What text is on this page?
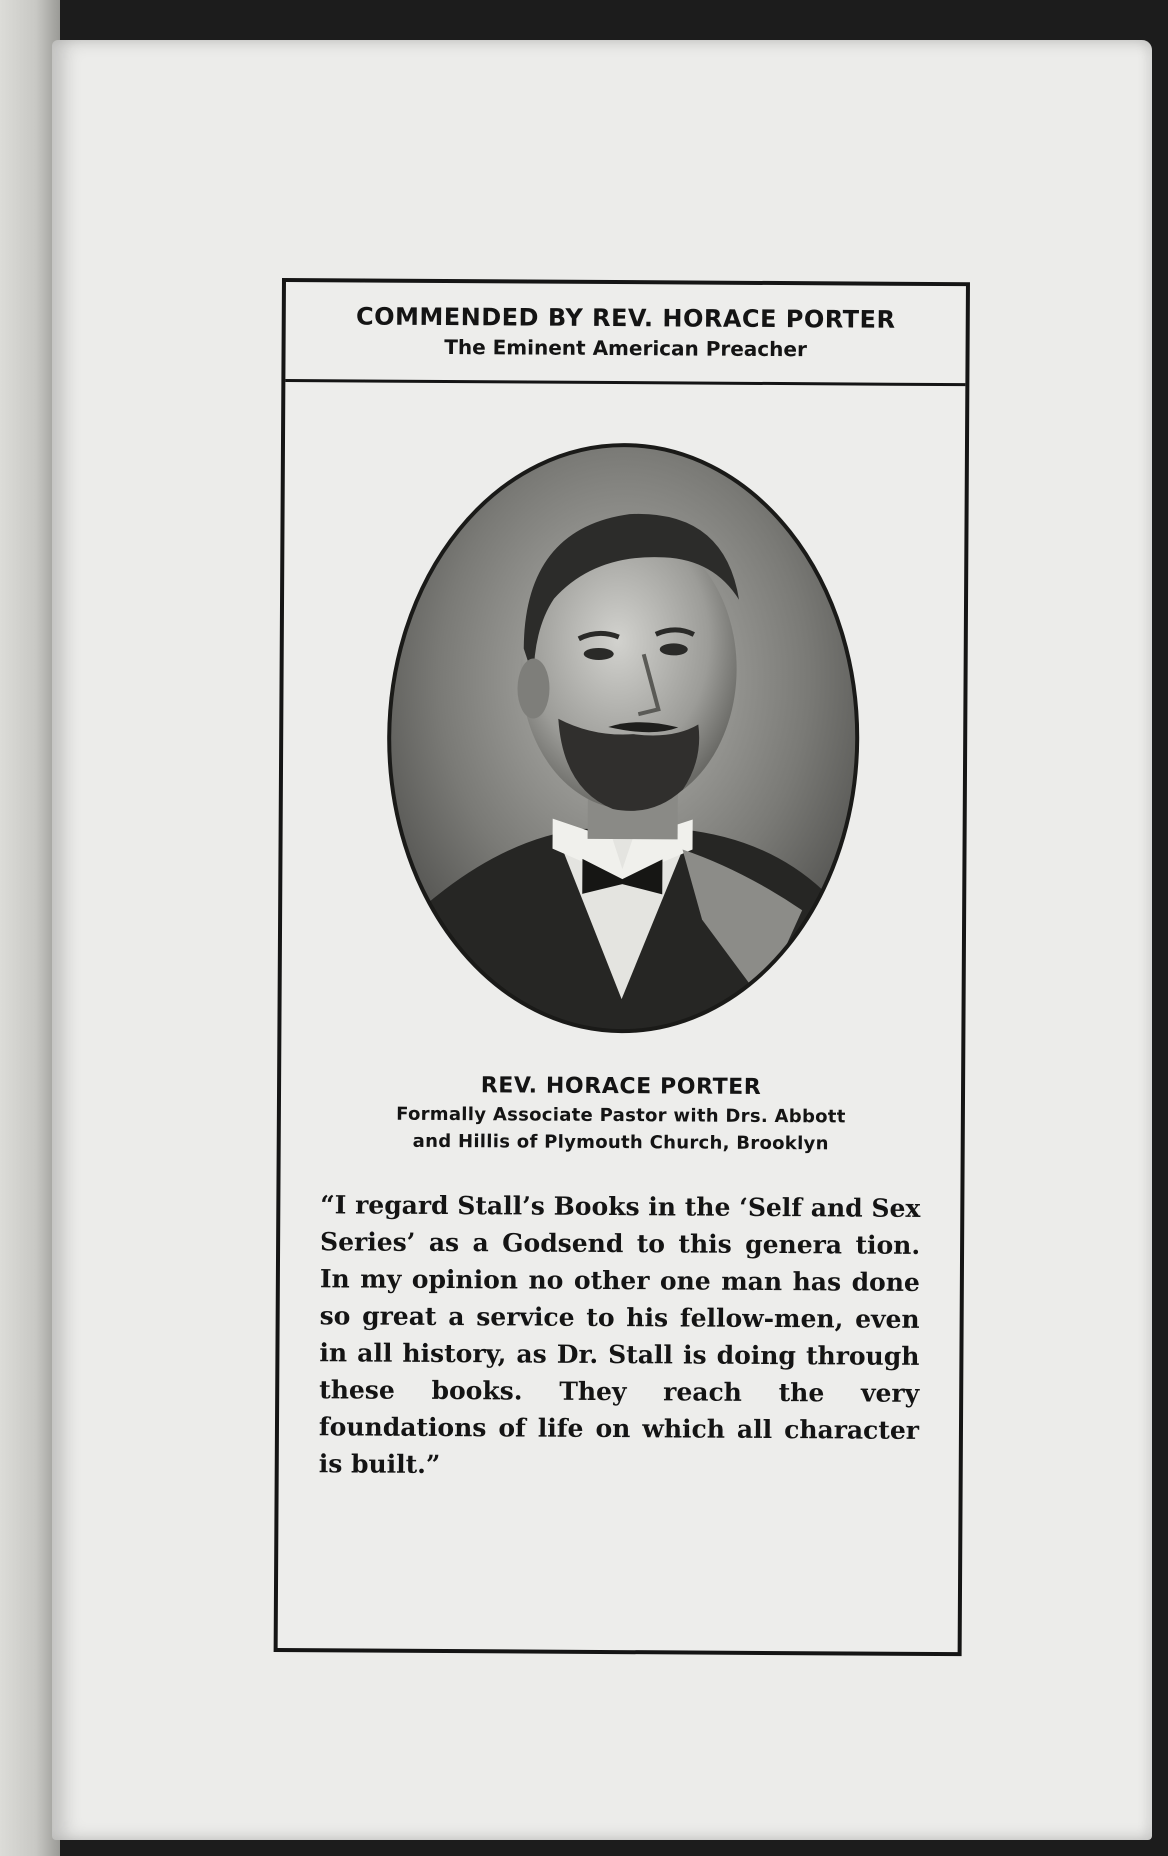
COMMENDED BY REV. HORACE PORTER
The Eminent American Preacher
REV. HORACE PORTER
Formally Associate Pastor with Drs. Abbott
and Hillis of Plymouth Church, Brooklyn

“I regard Stall’s Books in the ‘Self and Sex Series’ as a Godsend to this genera tion. In my opinion no other one man has done so great a service to his fellow-men, even in all history, as Dr. Stall is doing through these books. They reach the very foundations of life on which all character is built.”
